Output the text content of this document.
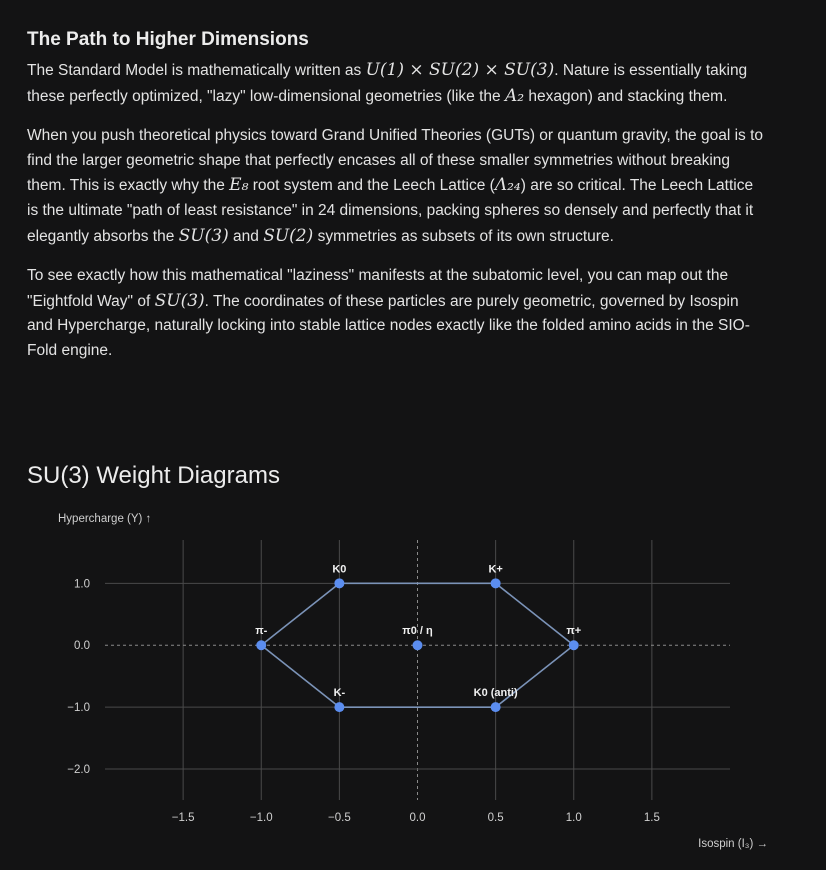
The Path to Higher Dimensions

The Standard Model is mathematically written as U(1) × SU(2) × SU(3). Nature is essentially taking these perfectly optimized, "lazy" low-dimensional geometries (like the A₂ hexagon) and stacking them.

When you push theoretical physics toward Grand Unified Theories (GUTs) or quantum gravity, the goal is to find the larger geometric shape that perfectly encases all of these smaller symmetries without breaking them. This is exactly why the E₈ root system and the Leech Lattice (Λ₂₄) are so critical. The Leech Lattice is the ultimate "path of least resistance" in 24 dimensions, packing spheres so densely and perfectly that it elegantly absorbs the SU(3) and SU(2) symmetries as subsets of its own structure.

To see exactly how this mathematical "laziness" manifests at the subatomic level, you can map out the "Eightfold Way" of SU(3). The coordinates of these particles are purely geometric, governed by Isospin and Hypercharge, naturally locking into stable lattice nodes exactly like the folded amino acids in the SIO-Fold engine.

SU(3) Weight Diagrams
K0	K+
π-	π0 / η	π+
K-	K0 (anti)
−1.5	−1.0	−0.5	0.0	0.5	1.0	1.5
1.0
0.0
−1.0
−2.0
Hypercharge (Y) ↑
Isospin (I₃) →
